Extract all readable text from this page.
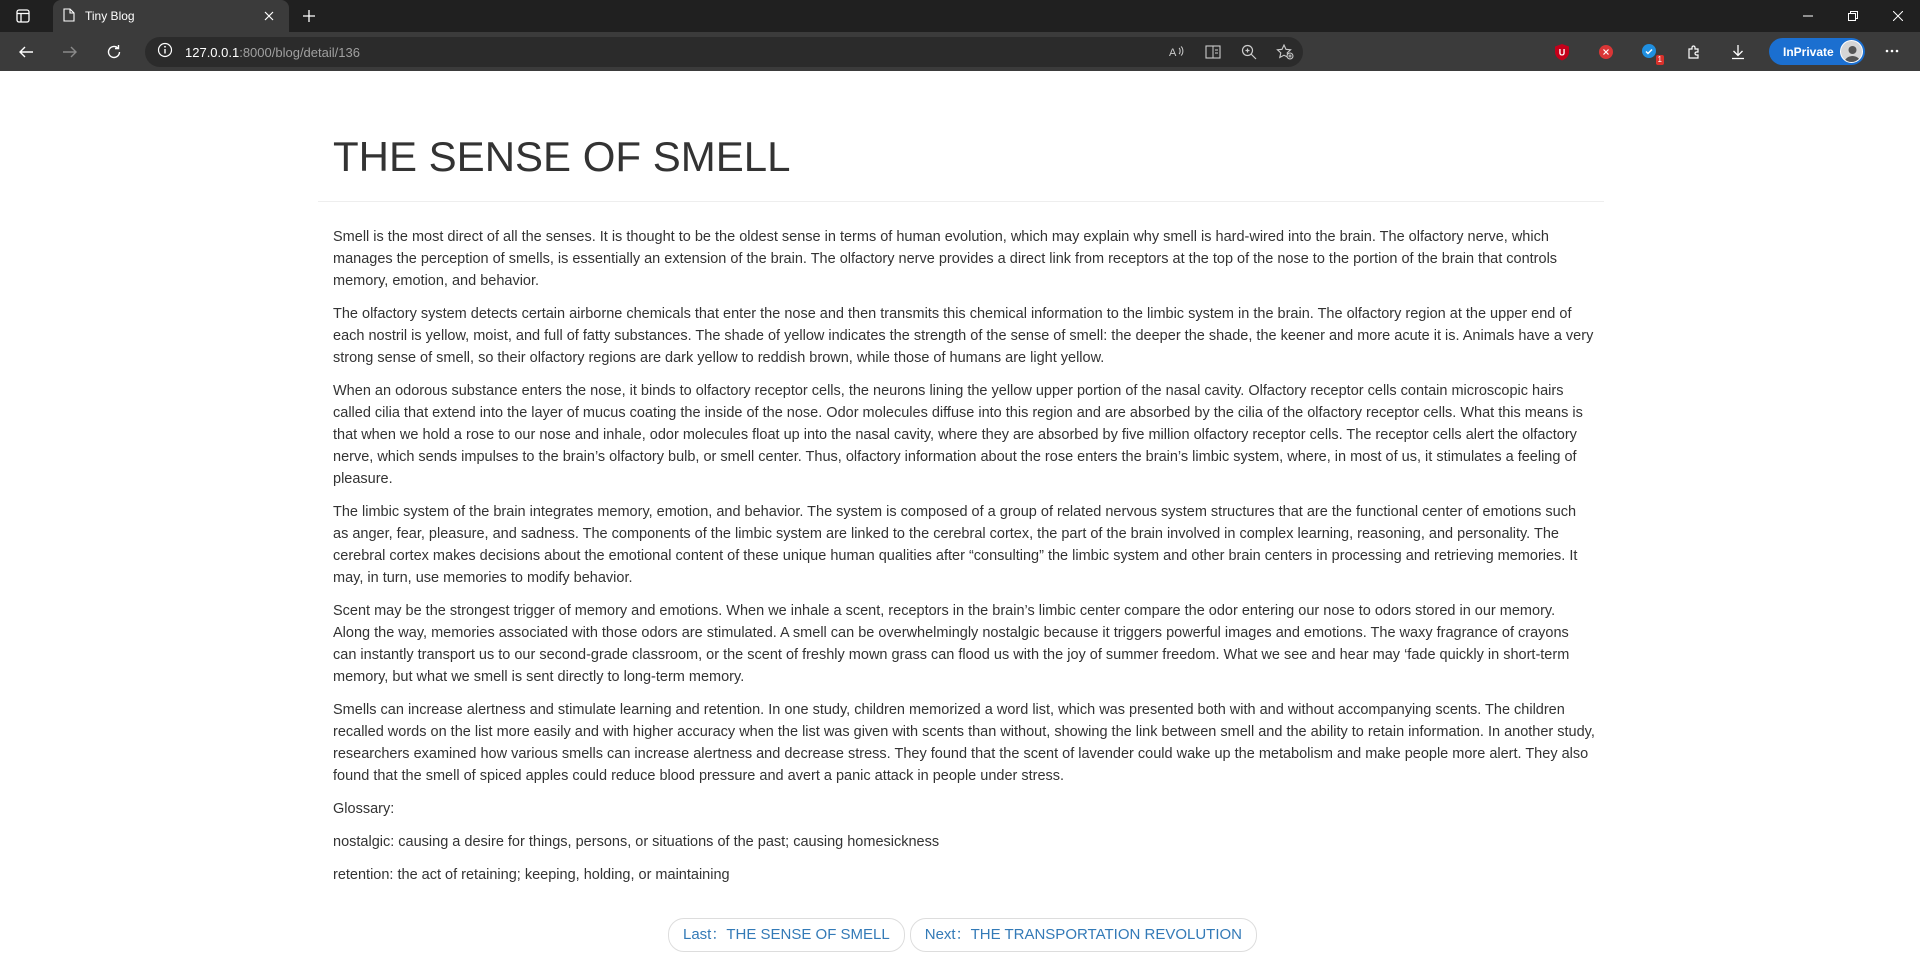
Tiny Blog
127.0.0.1:8000/blog/detail/136	A	U
1
InPrivate
THE SENSE OF SMELL

Smell is the most direct of all the senses. It is thought to be the oldest sense in terms of human evolution, which may explain why smell is hard-wired into the brain. The olfactory nerve, which manages the perception of smells, is essentially an extension of the brain. The olfactory nerve provides a direct link from receptors at the top of the nose to the portion of the brain that controls memory, emotion, and behavior.

The olfactory system detects certain airborne chemicals that enter the nose and then transmits this chemical information to the limbic system in the brain. The olfactory region at the upper end of each nostril is yellow, moist, and full of fatty substances. The shade of yellow indicates the strength of the sense of smell: the deeper the shade, the keener and more acute it is. Animals have a very strong sense of smell, so their olfactory regions are dark yellow to reddish brown, while those of humans are light yellow.

When an odorous substance enters the nose, it binds to olfactory receptor cells, the neurons lining the yellow upper portion of the nasal cavity. Olfactory receptor cells contain microscopic hairs called cilia that extend into the layer of mucus coating the inside of the nose. Odor molecules diffuse into this region and are absorbed by the cilia of the olfactory receptor cells. What this means is that when we hold a rose to our nose and inhale, odor molecules float up into the nasal cavity, where they are absorbed by five million olfactory receptor cells. The receptor cells alert the olfactory nerve, which sends impulses to the brain’s olfactory bulb, or smell center. Thus, olfactory information about the rose enters the brain’s limbic system, where, in most of us, it stimulates a feeling of pleasure.

The limbic system of the brain integrates memory, emotion, and behavior. The system is composed of a group of related nervous system structures that are the functional center of emotions such as anger, fear, pleasure, and sadness. The components of the limbic system are linked to the cerebral cortex, the part of the brain involved in complex learning, reasoning, and personality. The cerebral cortex makes decisions about the emotional content of these unique human qualities after “consulting” the limbic system and other brain centers in processing and retrieving memories. It may, in turn, use memories to modify behavior.

Scent may be the strongest trigger of memory and emotions. When we inhale a scent, receptors in the brain’s limbic center compare the odor entering our nose to odors stored in our memory. Along the way, memories associated with those odors are stimulated. A smell can be overwhelmingly nostalgic because it triggers powerful images and emotions. The waxy fragrance of crayons can instantly transport us to our second-grade classroom, or the scent of freshly mown grass can flood us with the joy of summer freedom. What we see and hear may ‘fade quickly in short-term memory, but what we smell is sent directly to long-term memory.

Smells can increase alertness and stimulate learning and retention. In one study, children memorized a word list, which was presented both with and without accompanying scents. The children recalled words on the list more easily and with higher accuracy when the list was given with scents than without, showing the link between smell and the ability to retain information. In another study, researchers examined how various smells can increase alertness and decrease stress. They found that the scent of lavender could wake up the metabolism and make people more alert. They also found that the smell of spiced apples could reduce blood pressure and avert a panic attack in people under stress.

Glossary:

nostalgic: causing a desire for things, persons, or situations of the past; causing homesickness

retention: the act of retaining; keeping, holding, or maintaining

Last：THE SENSE OF SMELL	Next：THE TRANSPORTATION REVOLUTION
